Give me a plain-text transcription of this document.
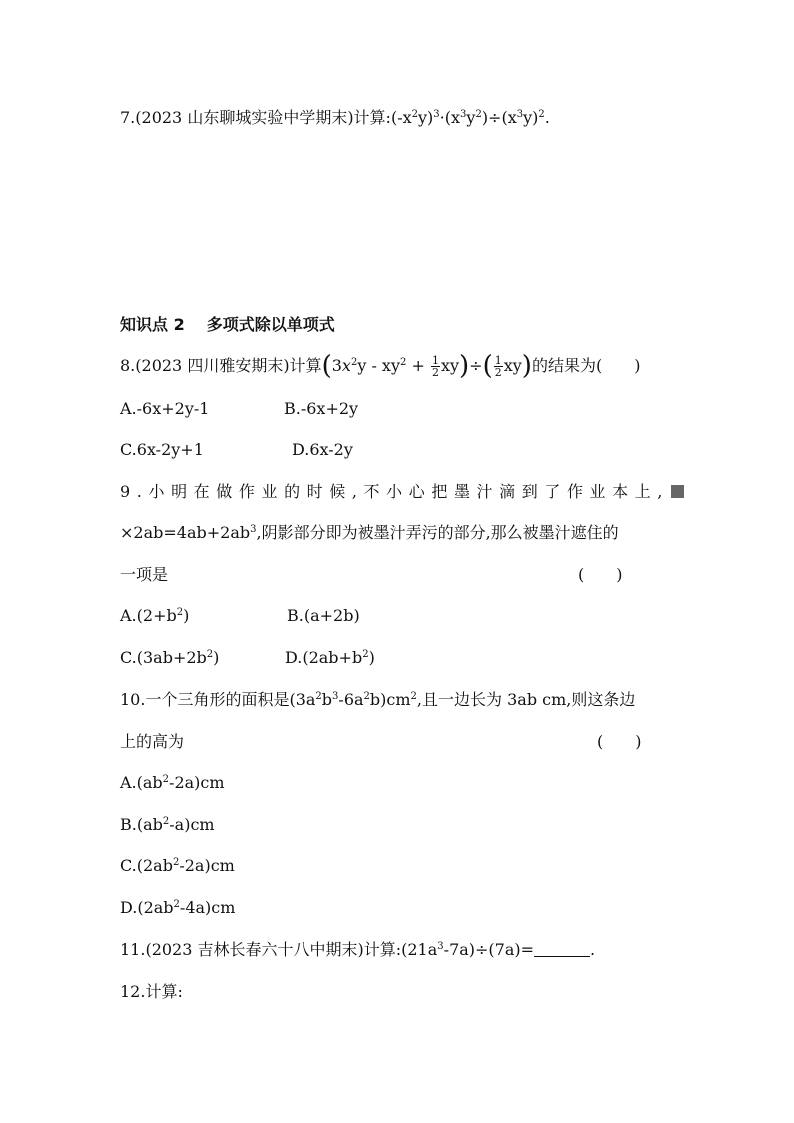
7.(2023 山东聊城实验中学期末)计算$:(-x^2y)^3\cdot(x^3y^2)\div(x^3y)^2$.
知识点 2 多项式除以单项式
8.(2023 四川雅安期末)计算$(3x^2y - xy^2 + \frac{1}{2} xy)\div( \frac{1}{2} xy)$的结果为(　　)
A.-6x+2y-1	B.-6x+2y
C.6x-2y+1	D.6x-2y
9.小明在做作业的时候,不小心把墨汁滴到了作业本上,
$\times 2ab=4ab+2ab^3$,阴影部分即为被墨汁弄污的部分,那么被墨汁遮住的
一项是	(　　)
$A.(2+b^2)$	B.(a+2b)
$C.(3ab+2b^2)$	$D.(2ab+b^2)$
10.一个三角形的面积是$(3a^2b^3-6a^2b)cm^2$,且一边长为 3ab cm,则这条边
上的高为	(　　)
$A.(ab^2-2a)cm$
$B.(ab^2-a)cm$
$C.(2ab^2-2a)cm$
$D.(2ab^2-4a)cm$
11.(2023 吉林长春六十八中期末)计算$:(21a^3-7a)\div(7a)=$	.
12.计算:
